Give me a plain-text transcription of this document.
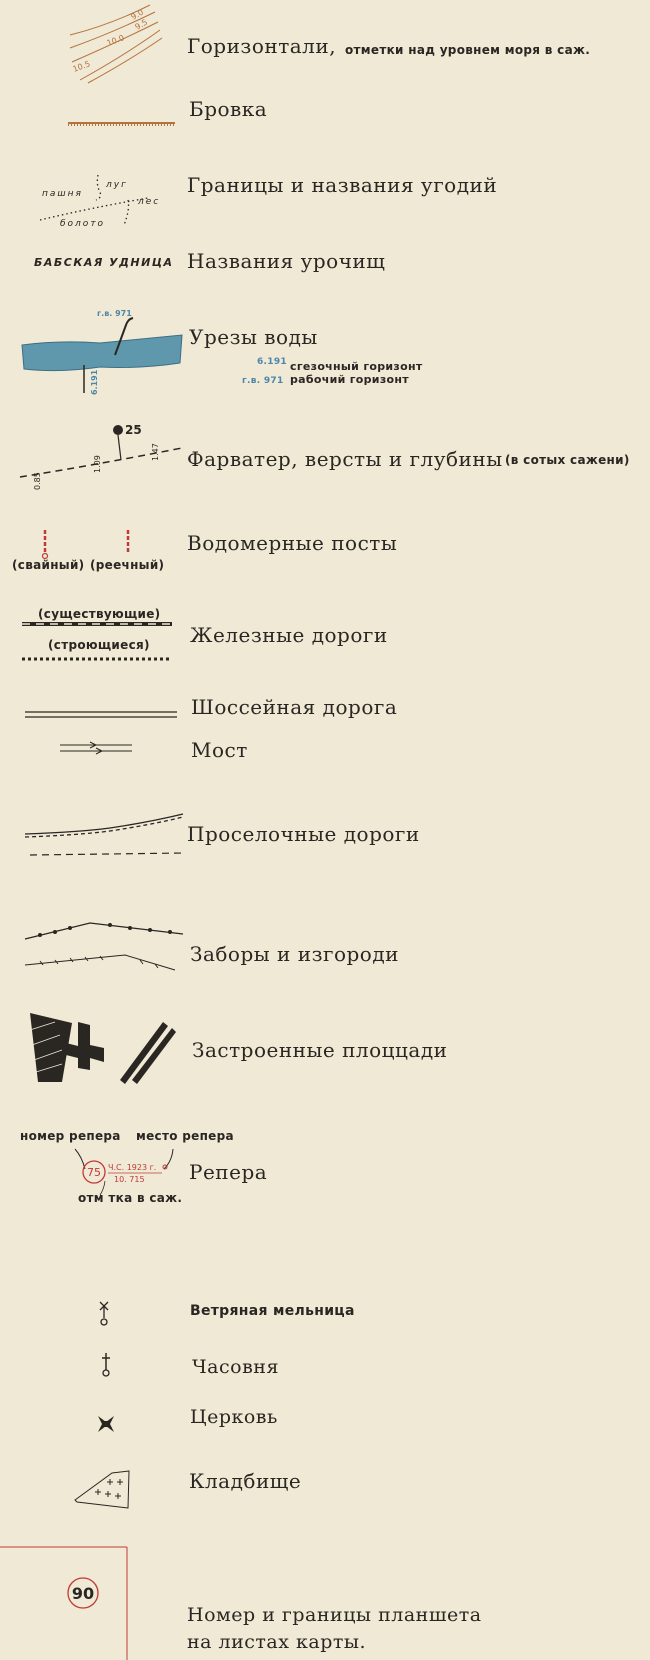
9.0
9.5
10.0
10.5
Горизонтали, отметки над уровнем моря в саж.
Бровка
пашня
луг
лес
болото
Границы и названия угодий
БАБСКАЯ УДНИЦА Названия урочищ
г.в. 971
6.191
Урезы воды
6.191 сгезочный горизонт
г.в. 971 рабочий горизонт
25
0.85
1.09
1.47 Фарватер, версты и глубины (в сотых сажени)
(свайный) (реечный)
Водомерные посты
(существующие)
(строющиеся) Железные дороги
Шоссейная дорога
Мост
Проселочные дороги
Заборы и изгороди
Застроенные плоццади
номер репера место репера
75 Ч.С. 1923 г.
10. 715
отм тка в саж.
Репера
Ветряная мельница
Часовня
Церковь
Кладбище
90
Номер и границы планшета
на листах карты.
